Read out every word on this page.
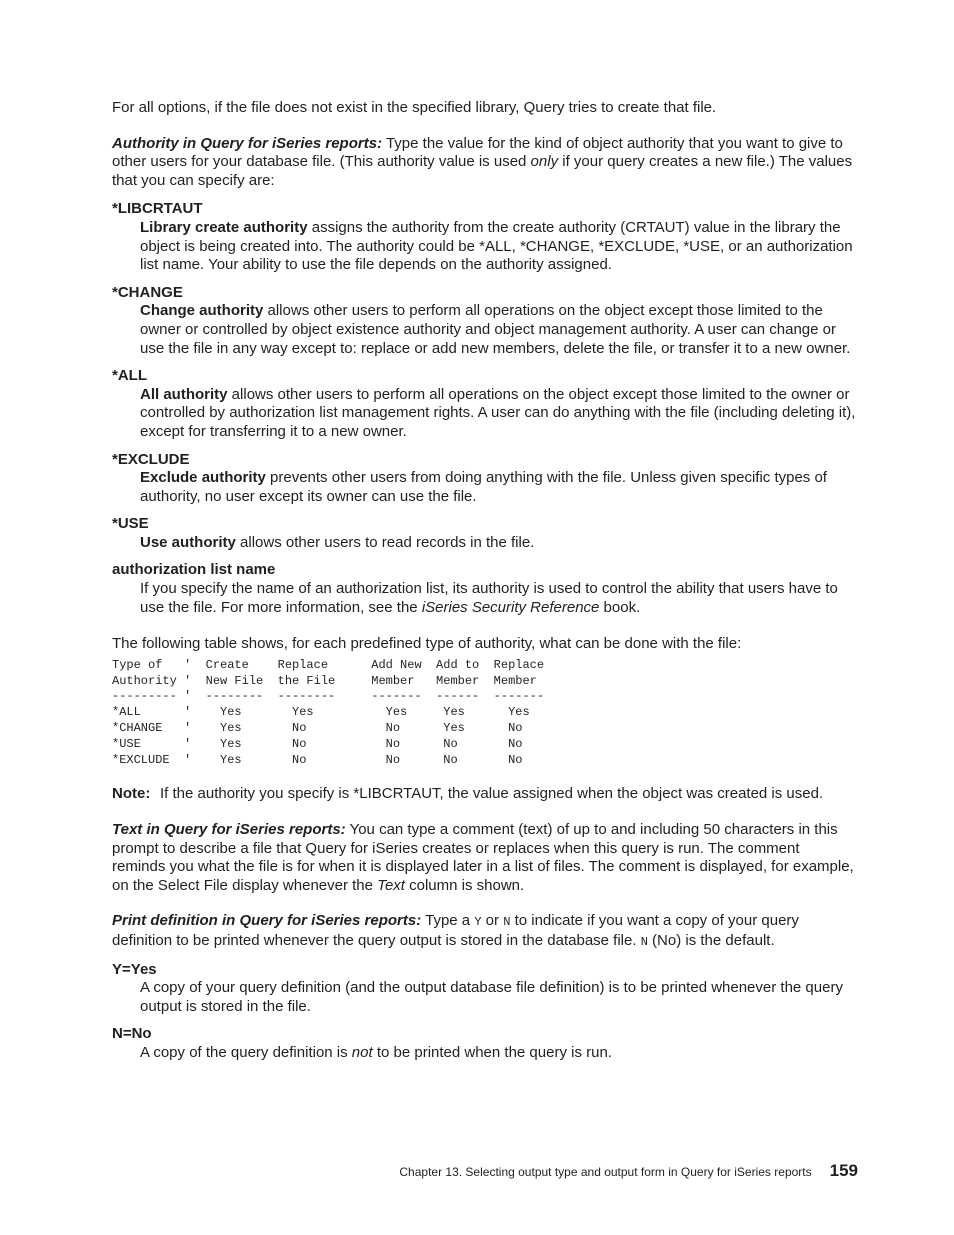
For all options, if the file does not exist in the specified library, Query tries to create that file.

Authority in Query for iSeries reports: Type the value for the kind of object authority that you want to give to other users for your database file. (This authority value is used only if your query creates a new file.) The values that you can specify are:

*LIBCRTAUT

Library create authority assigns the authority from the create authority (CRTAUT) value in the library the object is being created into. The authority could be *ALL, *CHANGE, *EXCLUDE, *USE, or an authorization list name. Your ability to use the file depends on the authority assigned.

*CHANGE

Change authority allows other users to perform all operations on the object except those limited to the owner or controlled by object existence authority and object management authority. A user can change or use the file in any way except to: replace or add new members, delete the file, or transfer it to a new owner.

*ALL

All authority allows other users to perform all operations on the object except those limited to the owner or controlled by authorization list management rights. A user can do anything with the file (including deleting it), except for transferring it to a new owner.

*EXCLUDE

Exclude authority prevents other users from doing anything with the file. Unless given specific types of authority, no user except its owner can use the file.

*USE

Use authority allows other users to read records in the file.

authorization list name

If you specify the name of an authorization list, its authority is used to control the ability that users have to use the file. For more information, see the iSeries Security Reference book.

The following table shows, for each predefined type of authority, what can be done with the file:

Type of   '  Create    Replace      Add New  Add to  Replace
Authority '  New File  the File     Member   Member  Member
--------- '  --------  --------     -------  ------  -------
*ALL      '    Yes       Yes          Yes     Yes      Yes
*CHANGE   '    Yes       No           No      Yes      No
*USE      '    Yes       No           No      No       No
*EXCLUDE  '    Yes       No           No      No       No
Note: If the authority you specify is *LIBCRTAUT, the value assigned when the object was created is used.

Text in Query for iSeries reports: You can type a comment (text) of up to and including 50 characters in this prompt to describe a file that Query for iSeries creates or replaces when this query is run. The comment reminds you what the file is for when it is displayed later in a list of files. The comment is displayed, for example, on the Select File display whenever the Text column is shown.

Print definition in Query for iSeries reports: Type a Y or N to indicate if you want a copy of your query definition to be printed whenever the query output is stored in the database file. N (No) is the default.

Y=Yes

A copy of your query definition (and the output database file definition) is to be printed whenever the query output is stored in the file.

N=No

A copy of the query definition is not to be printed when the query is run.

Chapter 13. Selecting output type and output form in Query for iSeries reports 159
